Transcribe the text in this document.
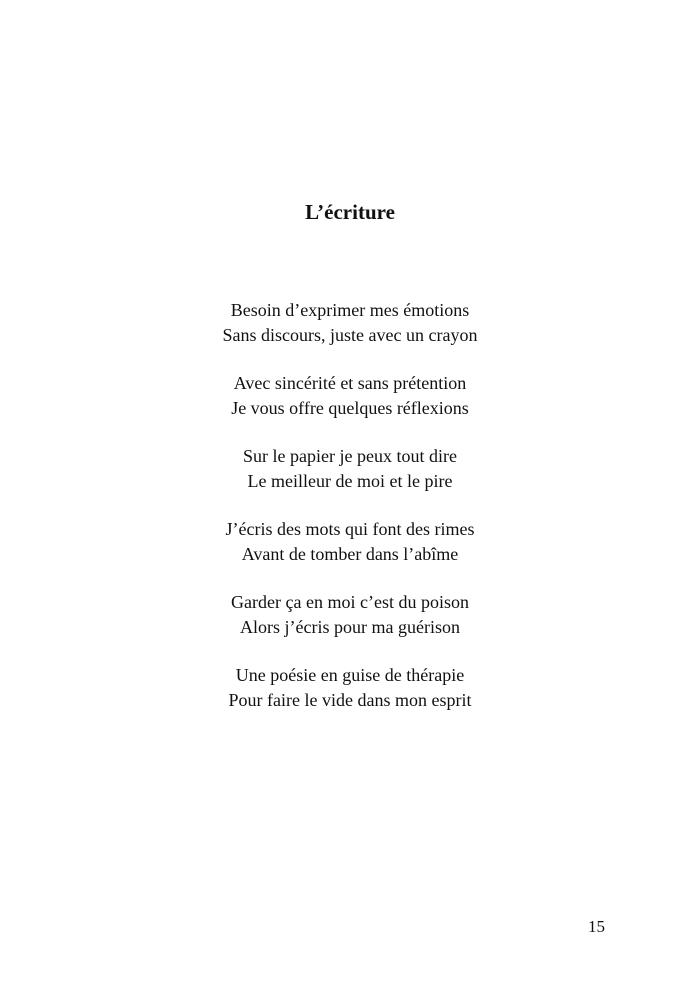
L’écriture
Besoin d’exprimer mes émotions
Sans discours, juste avec un crayon
Avec sincérité et sans prétention
Je vous offre quelques réflexions
Sur le papier je peux tout dire
Le meilleur de moi et le pire
J’écris des mots qui font des rimes
Avant de tomber dans l’abîme
Garder ça en moi c’est du poison
Alors j’écris pour ma guérison
Une poésie en guise de thérapie
Pour faire le vide dans mon esprit
15
